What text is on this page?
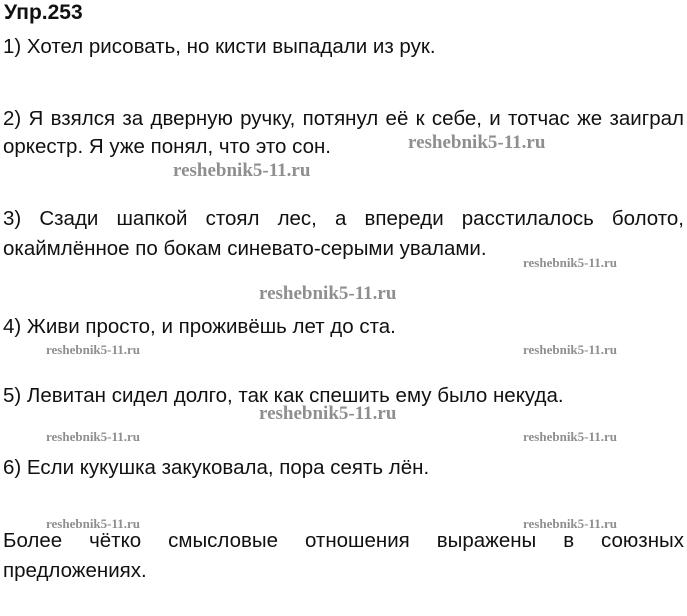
Упр.253
1) Хотел рисовать, но кисти выпадали из рук.
2) Я взялся за дверную ручку, потянул её к себе, и тотчас же заиграл
оркестр. Я уже понял, что это сон.
3) Сзади шапкой стоял лес, а впереди расстилалось болото,
окаймлённое по бокам синевато-серыми увалами.
4) Живи просто, и проживёшь лет до ста.
5) Левитан сидел долго, так как спешить ему было некуда.
6) Если кукушка закуковала, пора сеять лён.
Более чётко смысловые отношения выражены в союзных
предложениях.
reshebnik5-11.ru
reshebnik5-11.ru
reshebnik5-11.ru
reshebnik5-11.ru
reshebnik5-11.ru	reshebnik5-11.ru
reshebnik5-11.ru
reshebnik5-11.ru	reshebnik5-11.ru
reshebnik5-11.ru	reshebnik5-11.ru
